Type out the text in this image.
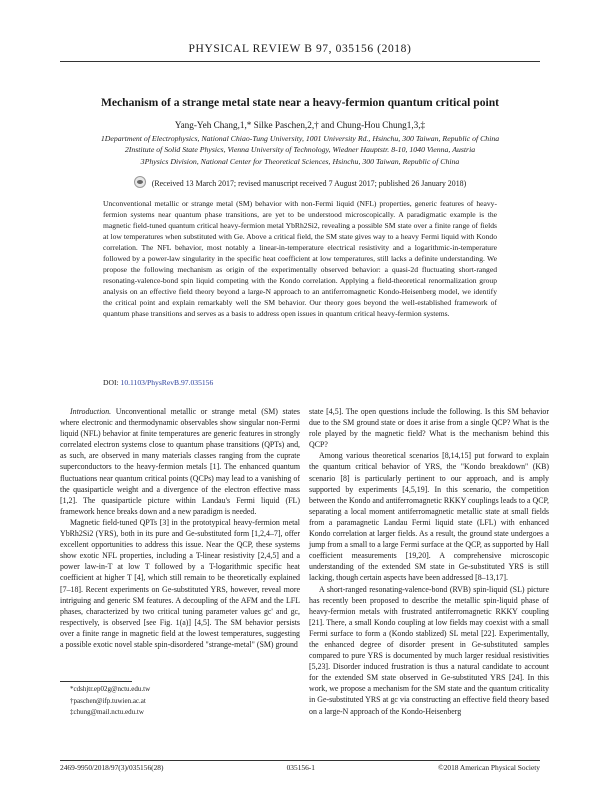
PHYSICAL REVIEW B 97, 035156 (2018)
Mechanism of a strange metal state near a heavy-fermion quantum critical point
Yang-Yeh Chang,1,* Silke Paschen,2,† and Chung-Hou Chung1,3,‡
1Department of Electrophysics, National Chiao-Tung University, 1001 University Rd., Hsinchu, 300 Taiwan, Republic of China
2Institute of Solid State Physics, Vienna University of Technology, Wiedner Hauptstr. 8-10, 1040 Vienna, Austria
3Physics Division, National Center for Theoretical Sciences, Hsinchu, 300 Taiwan, Republic of China
(Received 13 March 2017; revised manuscript received 7 August 2017; published 26 January 2018)
Unconventional metallic or strange metal (SM) behavior with non-Fermi liquid (NFL) properties, generic features of heavy-fermion systems near quantum phase transitions, are yet to be understood microscopically. A paradigmatic example is the magnetic field-tuned quantum critical heavy-fermion metal YbRh2Si2, revealing a possible SM state over a finite range of fields at low temperatures when substituted with Ge. Above a critical field, the SM state gives way to a heavy Fermi liquid with Kondo correlation. The NFL behavior, most notably a linear-in-temperature electrical resistivity and a logarithmic-in-temperature followed by a power-law singularity in the specific heat coefficient at low temperatures, still lacks a definite understanding. We propose the following mechanism as origin of the experimentally observed behavior: a quasi-2d fluctuating short-ranged resonating-valence-bond spin liquid competing with the Kondo correlation. Applying a field-theoretical renormalization group analysis on an effective field theory beyond a large-N approach to an antiferromagnetic Kondo-Heisenberg model, we identify the critical point and explain remarkably well the SM behavior. Our theory goes beyond the well-established framework of quantum phase transitions and serves as a basis to address open issues in quantum critical heavy-fermion systems.
DOI: 10.1103/PhysRevB.97.035156

Introduction. Unconventional metallic or strange metal (SM) states where electronic and thermodynamic observables show singular non-Fermi liquid (NFL) behavior at finite temperatures are generic features in strongly correlated electron systems close to quantum phase transitions (QPTs) and, as such, are observed in many materials classes ranging from the cuprate superconductors to the heavy-fermion metals [1]. The enhanced quantum fluctuations near quantum critical points (QCPs) may lead to a vanishing of the quasiparticle weight and a divergence of the electron effective mass [1,2]. The quasiparticle picture within Landau's Fermi liquid (FL) framework hence breaks down and a new paradigm is needed.

Magnetic field-tuned QPTs [3] in the prototypical heavy-fermion metal YbRh2Si2 (YRS), both in its pure and Ge-substituted form [1,2,4–7], offer excellent opportunities to address this issue. Near the QCP, these systems show exotic NFL properties, including a T-linear resistivity [2,4,5] and a power law-in-T at low T followed by a T-logarithmic specific heat coefficient at higher T [4], which still remain to be theoretically explained [7–18]. Recent experiments on Ge-substituted YRS, however, reveal more intriguing and generic SM features. A decoupling of the AFM and the LFL phases, characterized by two critical tuning parameter values gc' and gc, respectively, is observed [see Fig. 1(a)] [4,5]. The SM behavior persists over a finite range in magnetic field at the lowest temperatures, suggesting a possible exotic novel stable spin-disordered "strange-metal" (SM) ground

state [4,5]. The open questions include the following. Is this SM behavior due to the SM ground state or does it arise from a single QCP? What is the role played by the magnetic field? What is the mechanism behind this QCP?

Among various theoretical scenarios [8,14,15] put forward to explain the quantum critical behavior of YRS, the "Kondo breakdown" (KB) scenario [8] is particularly pertinent to our approach, and is amply supported by experiments [4,5,19]. In this scenario, the competition between the Kondo and antiferromagnetic RKKY couplings leads to a QCP, separating a local moment antiferromagnetic metallic state at small fields from a paramagnetic Landau Fermi liquid state (LFL) with enhanced Kondo correlation at larger fields. As a result, the ground state undergoes a jump from a small to a large Fermi surface at the QCP, as supported by Hall coefficient measurements [19,20]. A comprehensive microscopic understanding of the extended SM state in Ge-substituted YRS is still lacking, though certain aspects have been addressed [8–13,17].

A short-ranged resonating-valence-bond (RVB) spin-liquid (SL) picture has recently been proposed to describe the metallic spin-liquid phase of heavy-fermion metals with frustrated antiferromagnetic RKKY coupling [21]. There, a small Kondo coupling at low fields may coexist with a small Fermi surface to form a (Kondo stablized) SL metal [22]. Experimentally, the enhanced degree of disorder present in Ge-substituted samples compared to pure YRS is documented by much larger residual resistivities [5,23]. Disorder induced frustration is thus a natural candidate to account for the extended SM state observed in Ge-substituted YRS [24]. In this work, we propose a mechanism for the SM state and the quantum criticality in Ge-substituted YRS at gc via constructing an effective field theory based on a large-N approach of the Kondo-Heisenberg

*cdshjtr.ep02g@nctu.edu.tw
†paschen@ifp.tuwien.ac.at
‡chung@mail.nctu.edu.tw
2469-9950/2018/97(3)/035156(28)	035156-1	©2018 American Physical Society
